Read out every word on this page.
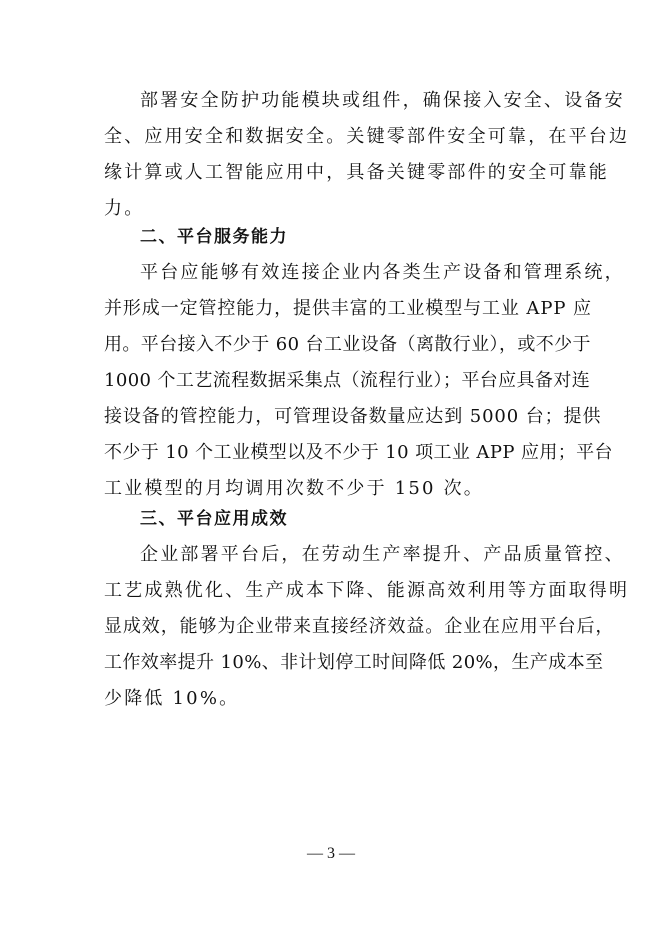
部署安全防护功能模块或组件，确保接入安全、设备安
全、应用安全和数据安全。关键零部件安全可靠，在平台边
缘计算或人工智能应用中，具备关键零部件的安全可靠能
力。
二、平台服务能力
平台应能够有效连接企业内各类生产设备和管理系统，
并形成一定管控能力，提供丰富的工业模型与工业 APP 应
用。平台接入不少于 60 台工业设备（离散行业），或不少于
1000 个工艺流程数据采集点（流程行业）；平台应具备对连
接设备的管控能力，可管理设备数量应达到 5000 台；提供
不少于 10 个工业模型以及不少于 10 项工业 APP 应用；平台
工业模型的月均调用次数不少于 150 次。
三、平台应用成效
企业部署平台后，在劳动生产率提升、产品质量管控、
工艺成熟优化、生产成本下降、能源高效利用等方面取得明
显成效，能够为企业带来直接经济效益。企业在应用平台后，
工作效率提升 10%、非计划停工时间降低 20%，生产成本至
少降低 10%。
— 3 —
